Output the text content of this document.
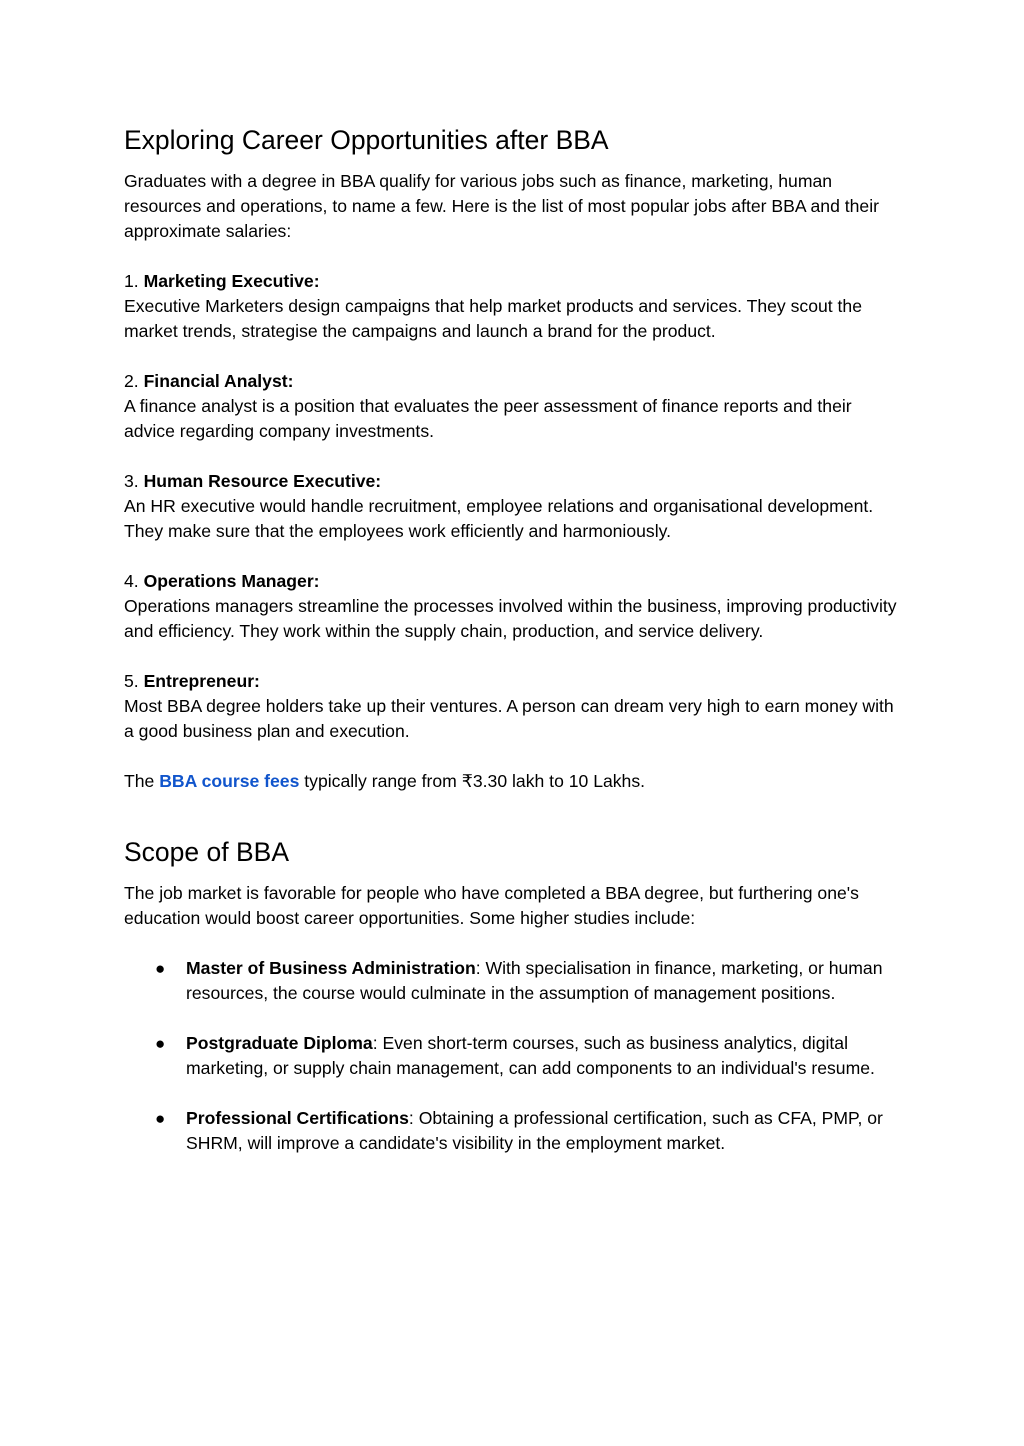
Exploring Career Opportunities after BBA

Graduates with a degree in BBA qualify for various jobs such as finance, marketing, human resources and operations, to name a few. Here is the list of most popular jobs after BBA and their approximate salaries:

1. Marketing Executive:

Executive Marketers design campaigns that help market products and services. They scout the market trends, strategise the campaigns and launch a brand for the product.

2. Financial Analyst:

A finance analyst is a position that evaluates the peer assessment of finance reports and their advice regarding company investments.

3. Human Resource Executive:

An HR executive would handle recruitment, employee relations and organisational development. They make sure that the employees work efficiently and harmoniously.

4. Operations Manager:

Operations managers streamline the processes involved within the business, improving productivity and efficiency. They work within the supply chain, production, and service delivery.

5. Entrepreneur:

Most BBA degree holders take up their ventures. A person can dream very high to earn money with a good business plan and execution.

The BBA course fees typically range from ₹3.30 lakh to 10 Lakhs.

Scope of BBA

The job market is favorable for people who have completed a BBA degree, but furthering one's education would boost career opportunities. Some higher studies include:

● Master of Business Administration: With specialisation in finance, marketing, or human resources, the course would culminate in the assumption of management positions.
● Postgraduate Diploma: Even short-term courses, such as business analytics, digital marketing, or supply chain management, can add components to an individual's resume.
● Professional Certifications: Obtaining a professional certification, such as CFA, PMP, or SHRM, will improve a candidate's visibility in the employment market.
